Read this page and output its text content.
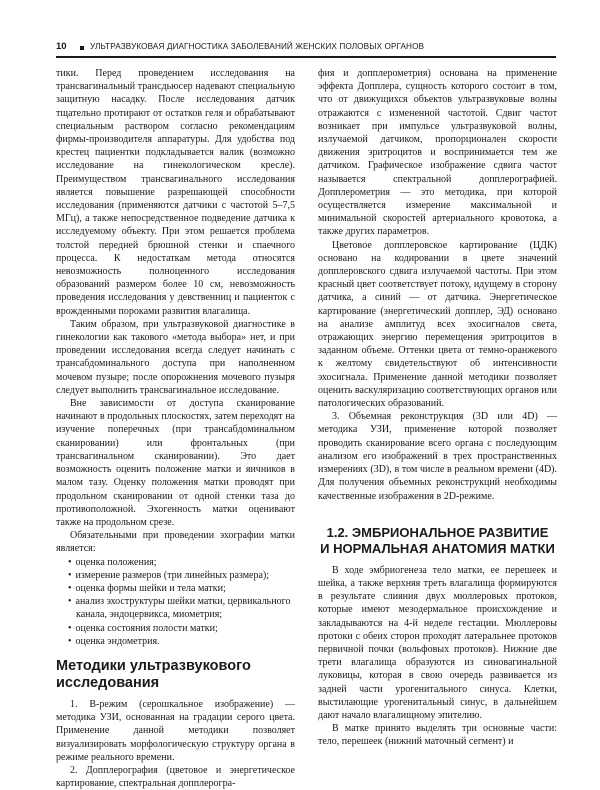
10	УЛЬТРАЗВУКОВАЯ ДИАГНОСТИКА ЗАБОЛЕВАНИЙ ЖЕНСКИХ ПОЛОВЫХ ОРГАНОВ

тики. Перед проведением исследования на трансвагинальный трансдьюсер надевают специальную защитную насадку. После исследования датчик тщательно протирают от остатков геля и обрабатывают специальным раствором согласно рекомендациям фирмы-производителя аппаратуры. Для удобства под крестец пациентки подкладывается валик (возможно исследование на гинекологическом кресле). Преимуществом трансвагинального исследования является повышение разрешающей способности исследования (применяются датчики с частотой 5–7,5 МГц), а также непосредственное подведение датчика к исследуемому объекту. При этом решается проблема толстой передней брюшной стенки и спаечного процесса. К недостаткам метода относятся невозможность полноценного исследования образований размером более 10 см, невозможность проведения исследования у девственниц и пациенток с врожденными пороками развития влагалища.

Таким образом, при ультразвуковой диагностике в гинекологии как такового «метода выбора» нет, и при проведении исследования всегда следует начинать с трансабдоминального доступа при наполненном мочевом пузыре; после опорожнения мочевого пузыря следует выполнить трансвагинальное исследование.

Вне зависимости от доступа сканирование начинают в продольных плоскостях, затем переходят на изучение поперечных (при трансабдоминальном сканировании) или фронтальных (при трансвагинальном сканировании). Это дает возможность оценить положение матки и яичников в малом тазу. Оценку положения матки проводят при продольном сканировании от одной стенки таза до противоположной. Эхогенность матки оценивают также на продольном срезе.

Обязательными при проведении эхографии матки является:

• оценка положения;
• измерение размеров (три линейных размера);
• оценка формы шейки и тела матки;
• анализ эхоструктуры шейки матки, цервикального канала, эндоцервикса, миометрия;
• оценка состояния полости матки;
• оценка эндометрия.
Методики ультразвукового исследования

1. В-режим (серошкальное изображение) — методика УЗИ, основанная на градации серого цвета. Применение данной методики позволяет визуализировать морфологическую структуру органа в режиме реального времени.

2. Допплерография (цветовое и энергетическое картирование, спектральная допплерогра-

фия и допплерометрия) основана на применение эффекта Допплера, сущность которого состоит в том, что от движущихся объектов ультразвуковые волны отражаются с измененной частотой. Сдвиг частот возникает при импульсе ультразвуковой волны, излучаемой датчиком, пропорционален скорости движения эритроцитов и воспринимается тем же датчиком. Графическое изображение сдвига частот называется спектральной допплерографией. Допплерометрия — это методика, при которой осуществляется измерение максимальной и минимальной скоростей артериального кровотока, а также других параметров.

Цветовое допплеровское картирование (ЦДК) основано на кодировании в цвете значений допплеровского сдвига излучаемой частоты. При этом красный цвет соответствует потоку, идущему в сторону датчика, а синий — от датчика. Энергетическое картирование (энергетический допплер, ЭД) основано на анализе амплитуд всех эхосигналов света, отражающих энергию перемещения эритроцитов в заданном объеме. Оттенки цвета от темно-оранжевого к желтому свидетельствуют об интенсивности эхосигнала. Применение данной методики позволяет оценить васкуляризацию соответствующих органов или патологических образований.

3. Объемная реконструкция (3D или 4D) — методика УЗИ, применение которой позволяет проводить сканирование всего органа с последующим анализом его изображений в трех пространственных измерениях (3D), в том числе в реальном времени (4D). Для получения объемных реконструкций необходимы качественные изображения в 2D-режиме.

1.2. ЭМБРИОНАЛЬНОЕ РАЗВИТИЕ
И НОРМАЛЬНАЯ АНАТОМИЯ МАТКИ

В ходе эмбриогенеза тело матки, ее перешеек и шейка, а также верхняя треть влагалища формируются в результате слияния двух мюллеровых протоков, которые имеют мезодермальное происхождение и закладываются на 4-й неделе гестации. Мюллеровы протоки с обеих сторон проходят латеральнее протоков первичной почки (вольфовых протоков). Нижние две трети влагалища образуются из синовагинальной луковицы, которая в свою очередь развивается из задней части урогенитального синуса. Клетки, выстилающие урогенитальный синус, в дальнейшем дают начало влагалищному эпителию.

В матке принято выделять три основные части: тело, перешеек (нижний маточный сегмент) и
